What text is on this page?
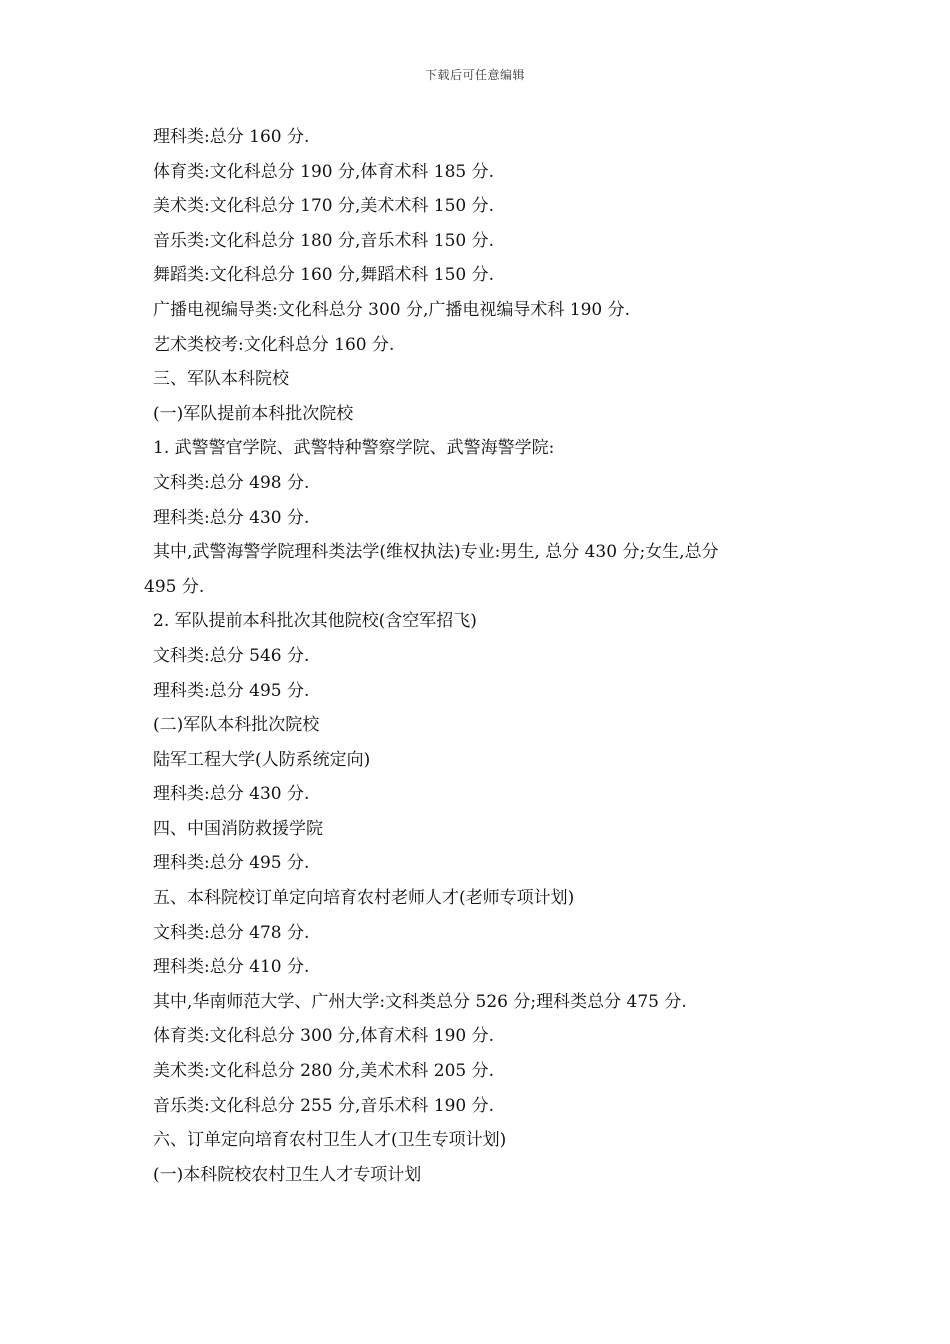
下载后可任意编辑
理科类:总分 160 分.
体育类:文化科总分 190 分,体育术科 185 分.
美术类:文化科总分 170 分,美术术科 150 分.
音乐类:文化科总分 180 分,音乐术科 150 分.
舞蹈类:文化科总分 160 分,舞蹈术科 150 分.
广播电视编导类:文化科总分 300 分,广播电视编导术科 190 分.
艺术类校考:文化科总分 160 分.
三、军队本科院校
(一)军队提前本科批次院校
1. 武警警官学院、武警特种警察学院、武警海警学院:
文科类:总分 498 分.
理科类:总分 430 分.
其中,武警海警学院理科类法学(维权执法)专业:男生, 总分 430 分;女生,总分
495 分.
2. 军队提前本科批次其他院校(含空军招飞)
文科类:总分 546 分.
理科类:总分 495 分.
(二)军队本科批次院校
陆军工程大学(人防系统定向)
理科类:总分 430 分.
四、中国消防救援学院
理科类:总分 495 分.
五、本科院校订单定向培育农村老师人才(老师专项计划)
文科类:总分 478 分.
理科类:总分 410 分.
其中,华南师范大学、广州大学:文科类总分 526 分;理科类总分 475 分.
体育类:文化科总分 300 分,体育术科 190 分.
美术类:文化科总分 280 分,美术术科 205 分.
音乐类:文化科总分 255 分,音乐术科 190 分.
六、订单定向培育农村卫生人才(卫生专项计划)
(一)本科院校农村卫生人才专项计划
